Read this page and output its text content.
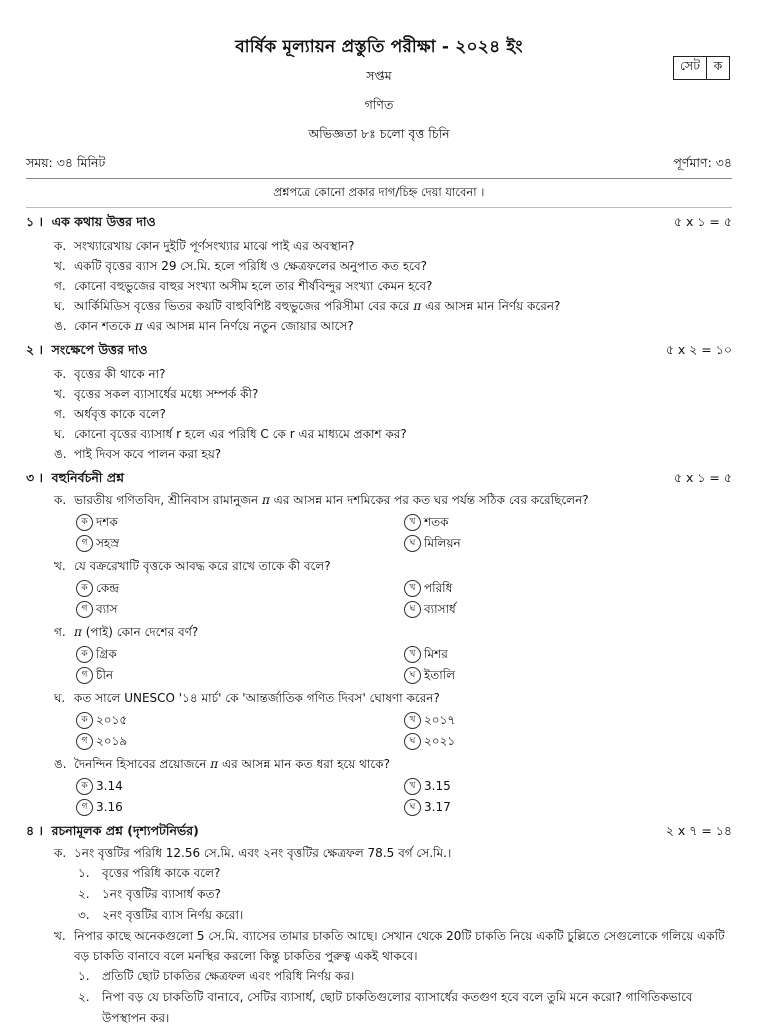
বার্ষিক মূল্যায়ন প্রস্তুতি পরীক্ষা - ২০২৪ ইং
সপ্তম
গণিত
অভিজ্ঞতা ৮ঃ চলো বৃত্ত চিনি
সেট	ক
সময়: ৩৪ মিনিট	পূর্ণমাণ: ৩৪
প্রশ্নপত্রে কোনো প্রকার দাগ/চিহ্ন দেয়া যাবেনা ।
১ । এক কথায় উত্তর দাও	৫ x ১ = ৫
ক. সংখ্যারেখায় কোন দুইটি পূর্ণসংখ্যার মাঝে পাই এর অবস্থান?
খ. একটি বৃত্তের ব্যাস 29 সে.মি. হলে পরিধি ও ক্ষেত্রফলের অনুপাত কত হবে?
গ. কোনো বহুভুজের বাহুর সংখ্যা অসীম হলে তার শীর্ষবিন্দুর সংখ্যা কেমন হবে?
ঘ. আর্কিমিডিস বৃত্তের ভিতর কয়টি বাহুবিশিষ্ট বহুভুজের পরিসীমা বের করে π এর আসন্ন মান নির্ণয় করেন?
ঙ. কোন শতকে π এর আসন্ন মান নির্ণয়ে নতুন জোয়ার আসে?
২ । সংক্ষেপে উত্তর দাও	৫ x ২ = ১০
ক. বৃত্তের কী থাকে না?
খ. বৃত্তের সকল ব্যাসার্ধের মধ্যে সম্পর্ক কী?
গ. অর্ধবৃত্ত কাকে বলে?
ঘ. কোনো বৃত্তের ব্যাসার্ধ r হলে এর পরিধি C কে r এর মাধ্যমে প্রকাশ কর?
ঙ. পাই দিবস কবে পালন করা হয়?
৩ । বহুনির্বচনী প্রশ্ন	৫ x ১ = ৫
ক. ভারতীয় গণিতবিদ, শ্রীনিবাস রামানুজন π এর আসন্ন মান দশমিকের পর কত ঘর পর্যন্ত সঠিক বের করেছিলেন?
ক দশক	খ শতক
গ সহস্র	ঘ মিলিয়ন
খ. যে বক্ররেখাটি বৃত্তকে আবদ্ধ করে রাখে তাকে কী বলে?
ক কেন্দ্র	খ পরিধি
গ ব্যাস	ঘ ব্যাসার্ধ
গ. π (পাই) কোন দেশের বর্ণ?
ক গ্রিক	খ মিশর
গ চীন	ঘ ইতালি
ঘ. কত সালে UNESCO '১৪ মার্চ' কে 'আন্তর্জাতিক গণিত দিবস' ঘোষণা করেন?
ক ২০১৫	খ ২০১৭
গ ২০১৯	ঘ ২০২১
ঙ. দৈনন্দিন হিসাবের প্রয়োজনে π এর আসন্ন মান কত ধরা হয়ে থাকে?
ক 3.14	খ 3.15
গ 3.16	ঘ 3.17
৪ । রচনামূলক প্রশ্ন (দৃশ্যপটনির্ভর)	২ x ৭ = ১৪
ক. ১নং বৃত্তটির পরিধি 12.56 সে.মি. এবং ২নং বৃত্তটির ক্ষেত্রফল 78.5 বর্গ সে.মি.।
১.	বৃত্তের পরিধি কাকে বলে?
২.	১নং বৃত্তটির ব্যাসার্ধ কত?
৩.	২নং বৃত্তটির ব্যাস নির্ণয় করো।
খ. নিপার কাছে অনেকগুলো 5 সে.মি. ব্যাসের তামার চাকতি আছে। সেখান থেকে 20টি চাকতি নিয়ে একটি চুল্লিতে সেগুলোকে গলিয়ে একটি বড় চাকতি বানাবে বলে মনস্থির করলো কিন্তু চাকতির পুরুত্ব একই থাকবে।
১.	প্রতিটি ছোট চাকতির ক্ষেত্রফল এবং পরিধি নির্ণয় কর।
২.	নিপা বড় যে চাকতিটি বানাবে, সেটির ব্যাসার্ধ, ছোট চাকতিগুলোর ব্যাসার্ধের কতগুণ হবে বলে তুমি মনে করো? গাণিতিকভাবে উপস্থাপন কর।
